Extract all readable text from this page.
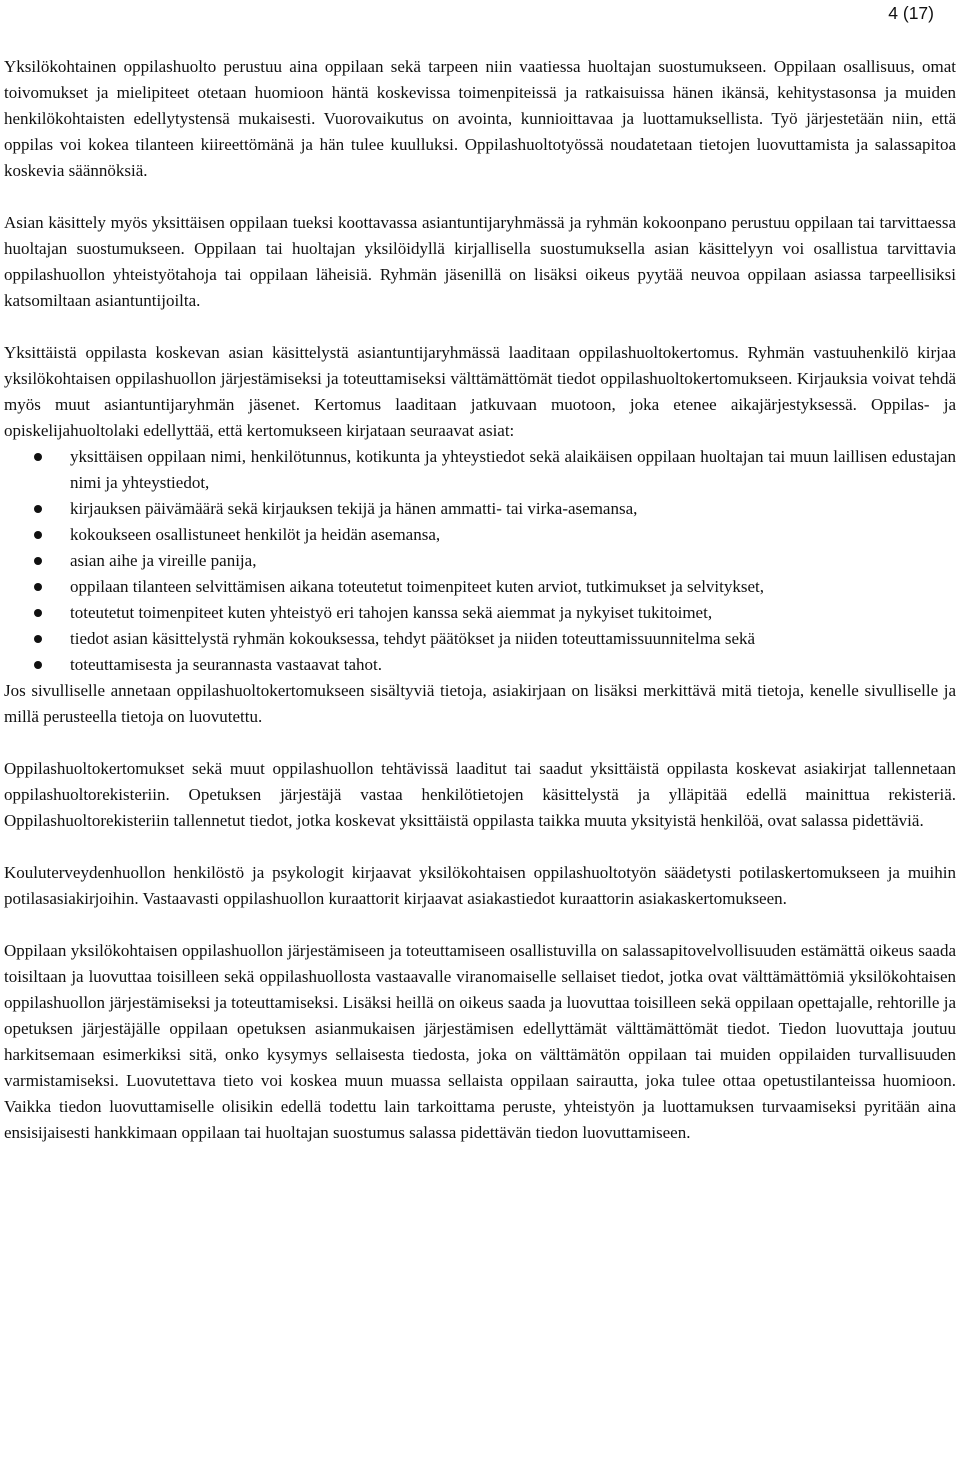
4 (17)

Yksilökohtainen oppilashuolto perustuu aina oppilaan sekä tarpeen niin vaatiessa huoltajan suostumukseen. Oppilaan osallisuus, omat toivomukset ja mielipiteet otetaan huomioon häntä koskevissa toimenpiteissä ja ratkaisuissa hänen ikänsä, kehitystasonsa ja muiden henkilökohtaisten edellytystensä mukaisesti. Vuorovaikutus on avointa, kunnioittavaa ja luottamuksellista. Työ järjestetään niin, että oppilas voi kokea tilanteen kiireettömänä ja hän tulee kuulluksi. Oppilashuoltotyössä noudatetaan tietojen luovuttamista ja salassapitoa koskevia säännöksiä.

Asian käsittely myös yksittäisen oppilaan tueksi koottavassa asiantuntijaryhmässä ja ryhmän kokoonpano perustuu oppilaan tai tarvittaessa huoltajan suostumukseen. Oppilaan tai huoltajan yksilöidyllä kirjallisella suostumuksella asian käsittelyyn voi osallistua tarvittavia oppilashuollon yhteistyötahoja tai oppilaan läheisiä. Ryhmän jäsenillä on lisäksi oikeus pyytää neuvoa oppilaan asiassa tarpeellisiksi katsomiltaan asiantuntijoilta.

Yksittäistä oppilasta koskevan asian käsittelystä asiantuntijaryhmässä laaditaan oppilashuoltokertomus. Ryhmän vastuuhenkilö kirjaa yksilökohtaisen oppilashuollon järjestämiseksi ja toteuttamiseksi välttämättömät tiedot oppilashuoltokertomukseen. Kirjauksia voivat tehdä myös muut asiantuntijaryhmän jäsenet. Kertomus laaditaan jatkuvaan muotoon, joka etenee aikajärjestyksessä. Oppilas- ja opiskelijahuoltolaki edellyttää, että kertomukseen kirjataan seuraavat asiat:

yksittäisen oppilaan nimi, henkilötunnus, kotikunta ja yhteystiedot sekä alaikäisen oppilaan huoltajan tai muun laillisen edustajan nimi ja yhteystiedot,
kirjauksen päivämäärä sekä kirjauksen tekijä ja hänen ammatti- tai virka-asemansa,
kokoukseen osallistuneet henkilöt ja heidän asemansa,
asian aihe ja vireille panija,
oppilaan tilanteen selvittämisen aikana toteutetut toimenpiteet kuten arviot, tutkimukset ja selvitykset,
toteutetut toimenpiteet kuten yhteistyö eri tahojen kanssa sekä aiemmat ja nykyiset tukitoimet,
tiedot asian käsittelystä ryhmän kokouksessa, tehdyt päätökset ja niiden toteuttamissuunnitelma sekä
toteuttamisesta ja seurannasta vastaavat tahot.

Jos sivulliselle annetaan oppilashuoltokertomukseen sisältyviä tietoja, asiakirjaan on lisäksi merkittävä mitä tietoja, kenelle sivulliselle ja millä perusteella tietoja on luovutettu.

Oppilashuoltokertomukset sekä muut oppilashuollon tehtävissä laaditut tai saadut yksittäistä oppilasta koskevat asiakirjat tallennetaan oppilashuoltorekisteriin. Opetuksen järjestäjä vastaa henkilötietojen käsittelystä ja ylläpitää edellä mainittua rekisteriä. Oppilashuoltorekisteriin tallennetut tiedot, jotka koskevat yksittäistä oppilasta taikka muuta yksityistä henkilöä, ovat salassa pidettäviä.

Kouluterveydenhuollon henkilöstö ja psykologit kirjaavat yksilökohtaisen oppilashuoltotyön säädetysti potilaskertomukseen ja muihin potilasasiakirjoihin. Vastaavasti oppilashuollon kuraattorit kirjaavat asiakastiedot kuraattorin asiakaskertomukseen.

Oppilaan yksilökohtaisen oppilashuollon järjestämiseen ja toteuttamiseen osallistuvilla on salassapitovelvollisuuden estämättä oikeus saada toisiltaan ja luovuttaa toisilleen sekä oppilashuollosta vastaavalle viranomaiselle sellaiset tiedot, jotka ovat välttämättömiä yksilökohtaisen oppilashuollon järjestämiseksi ja toteuttamiseksi. Lisäksi heillä on oikeus saada ja luovuttaa toisilleen sekä oppilaan opettajalle, rehtorille ja opetuksen järjestäjälle oppilaan opetuksen asianmukaisen järjestämisen edellyttämät välttämättömät tiedot. Tiedon luovuttaja joutuu harkitsemaan esimerkiksi sitä, onko kysymys sellaisesta tiedosta, joka on välttämätön oppilaan tai muiden oppilaiden turvallisuuden varmistamiseksi. Luovutettava tieto voi koskea muun muassa sellaista oppilaan sairautta, joka tulee ottaa opetustilanteissa huomioon. Vaikka tiedon luovuttamiselle olisikin edellä todettu lain tarkoittama peruste, yhteistyön ja luottamuksen turvaamiseksi pyritään aina ensisijaisesti hankkimaan oppilaan tai huoltajan suostumus salassa pidettävän tiedon luovuttamiseen.
